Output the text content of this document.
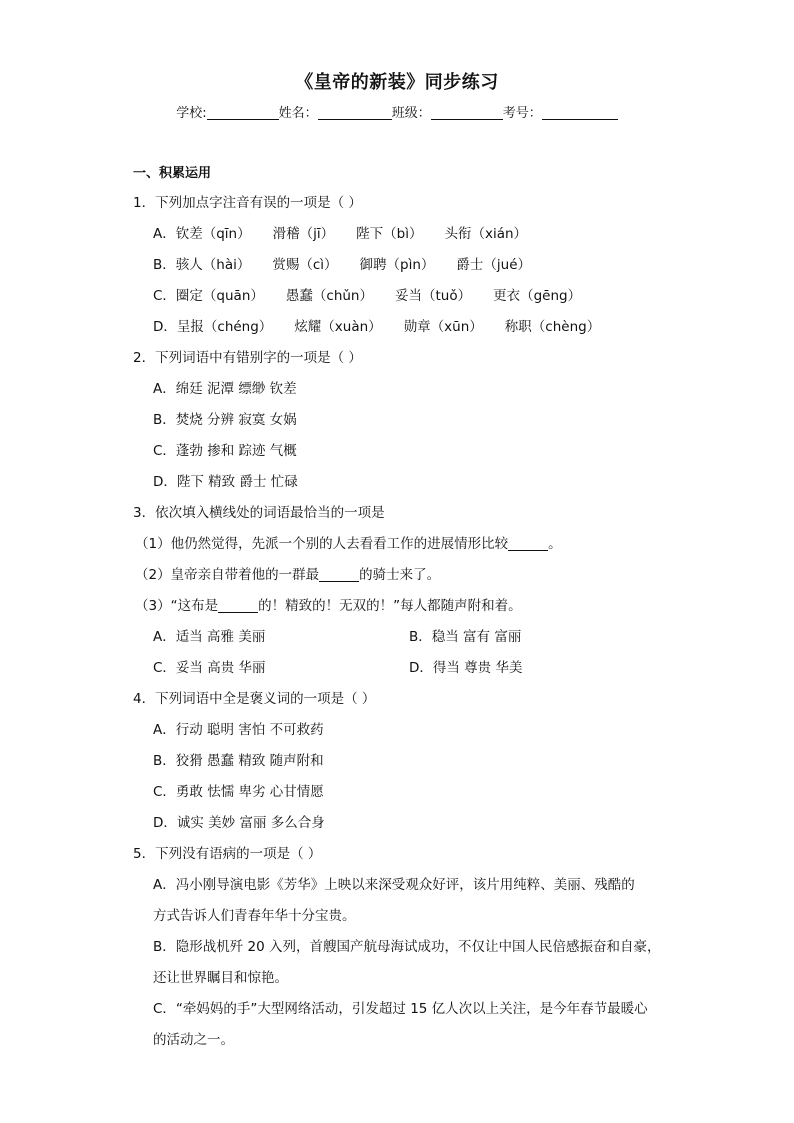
《皇帝的新装》同步练习
学校:	姓名：	班级：	考号：
一、积累运用
1．下列加点字注音有误的一项是（ ）
A．钦差（qīn） 滑稽（jī） 陛下（bì） 头衔（xián）
B．骇人（hài） 赏赐（cì） 御聘（pìn） 爵士（jué）
C．圈定（quān） 愚蠢（chǔn） 妥当（tuǒ） 更衣（gēng）
D．呈报（chéng） 炫耀（xuàn） 勋章（xūn） 称职（chèng）
2．下列词语中有错别字的一项是（ ）
A．绵廷 泥潭 缥缈 钦差
B．焚烧 分辨 寂寞 女娲
C．蓬勃 掺和 踪迹 气概
D．陛下 精致 爵士 忙碌
3．依次填入横线处的词语最恰当的一项是
（1）他仍然觉得，先派一个别的人去看看工作的进展情形比较	。
（2）皇帝亲自带着他的一群最	的骑士来了。
（3）“这布是	的！精致的！无双的！”每人都随声附和着。
A．适当 高雅 美丽	B．稳当 富有 富丽
C．妥当 高贵 华丽	D．得当 尊贵 华美
4．下列词语中全是褒义词的一项是（ ）
A．行动 聪明 害怕 不可救药
B．狡猾 愚蠢 精致 随声附和
C．勇敢 怯懦 卑劣 心甘情愿
D．诚实 美妙 富丽 多么合身
5．下列没有语病的一项是（ ）
A．冯小刚导演电影《芳华》上映以来深受观众好评，该片用纯粹、美丽、残酷的
方式告诉人们青春年华十分宝贵。
B．隐形战机歼 20 入列，首艘国产航母海试成功，不仅让中国人民倍感振奋和自豪，
还让世界瞩目和惊艳。
C．“牵妈妈的手”大型网络活动，引发超过 15 亿人次以上关注，是今年春节最暖心
的活动之一。
